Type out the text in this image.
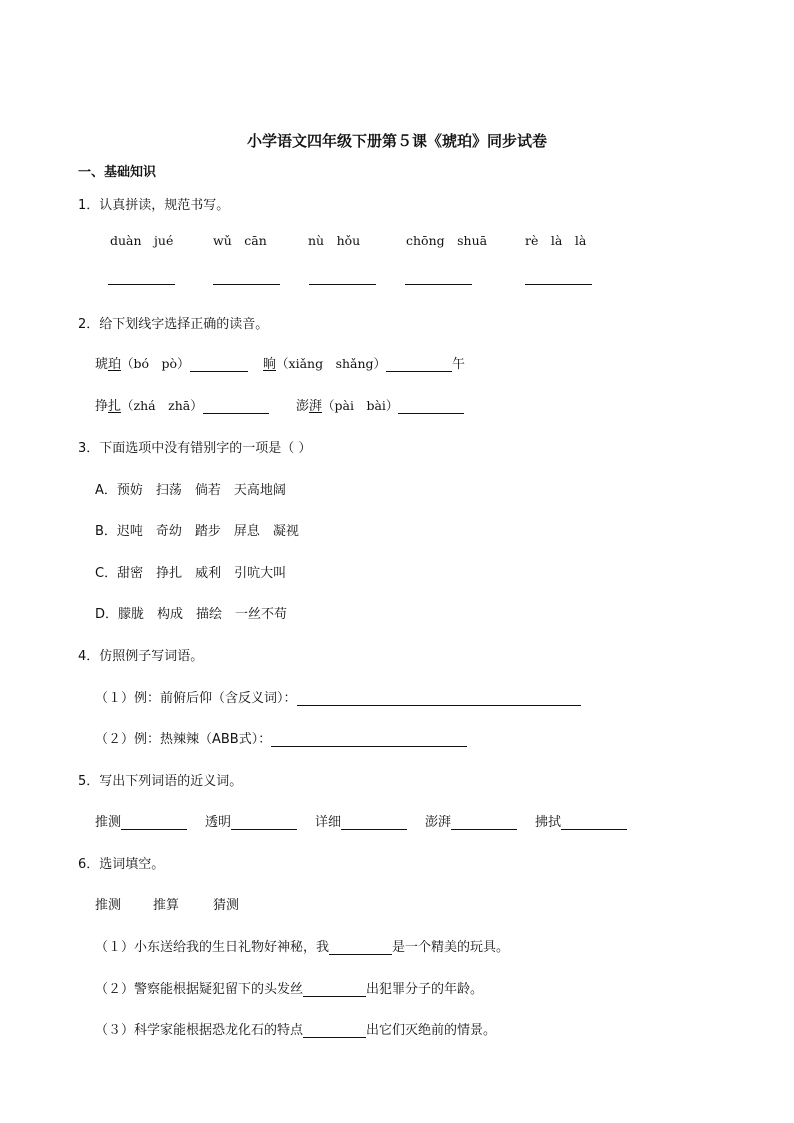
小学语文四年级下册第５课《琥珀》同步试卷
一、基础知识
1．认真拼读，规范书写。
duàn　jué	wǔ　cān	nù　hǒu	chōng　shuā	rè　là　là
2．给下划线字选择正确的读音。
琥珀（bó　pò）	晌（xiǎng　shǎng）	午
挣扎（zhá　zhā）	澎湃（pài　bài）
3．下面选项中没有错别字的一项是（ ）
A．预妨　扫荡　倘若　天高地阔
B．迟吨　奇幼　踏步　屏息　凝视
C．甜密　挣扎　威利　引吭大叫
D．朦胧　构成　描绘　一丝不苟
4．仿照例子写词语。
（１）例：前俯后仰（含反义词）：
（２）例：热辣辣（ABB式）：
5．写出下列词语的近义词。
推测	透明	详细	澎湃	拂拭
6．选词填空。
推测 推算	猜测
（１）小东送给我的生日礼物好神秘，我	是一个精美的玩具。
（２）警察能根据疑犯留下的头发丝	出犯罪分子的年龄。
（３）科学家能根据恐龙化石的特点	出它们灭绝前的情景。
